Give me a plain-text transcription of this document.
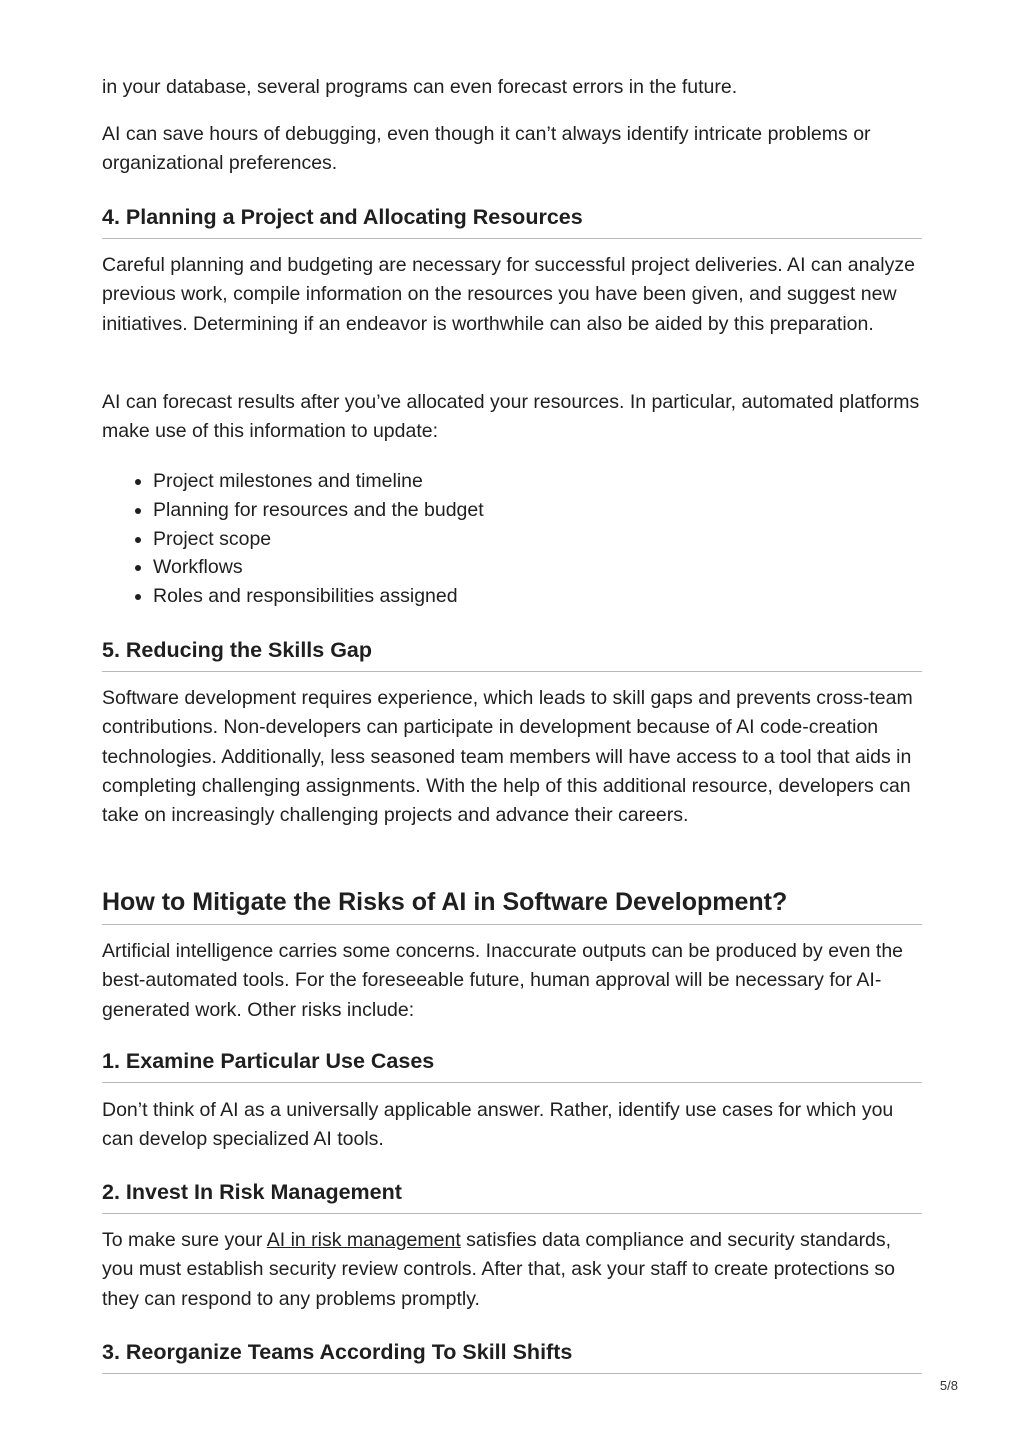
in your database, several programs can even forecast errors in the future.

AI can save hours of debugging, even though it can’t always identify intricate problems or organizational preferences.

4. Planning a Project and Allocating Resources

Careful planning and budgeting are necessary for successful project deliveries. AI can analyze previous work, compile information on the resources you have been given, and suggest new initiatives. Determining if an endeavor is worthwhile can also be aided by this preparation.

AI can forecast results after you’ve allocated your resources. In particular, automated platforms make use of this information to update:

• Project milestones and timeline
• Planning for resources and the budget
• Project scope
• Workflows
• Roles and responsibilities assigned
5. Reducing the Skills Gap

Software development requires experience, which leads to skill gaps and prevents cross-team contributions. Non-developers can participate in development because of AI code-creation technologies. Additionally, less seasoned team members will have access to a tool that aids in completing challenging assignments. With the help of this additional resource, developers can take on increasingly challenging projects and advance their careers.

How to Mitigate the Risks of AI in Software Development?

Artificial intelligence carries some concerns. Inaccurate outputs can be produced by even the best-automated tools. For the foreseeable future, human approval will be necessary for AI-generated work. Other risks include:

1. Examine Particular Use Cases

Don’t think of AI as a universally applicable answer. Rather, identify use cases for which you can develop specialized AI tools.

2. Invest In Risk Management

To make sure your AI in risk management satisfies data compliance and security standards, you must establish security review controls. After that, ask your staff to create protections so they can respond to any problems promptly.

3. Reorganize Teams According To Skill Shifts
5/8
